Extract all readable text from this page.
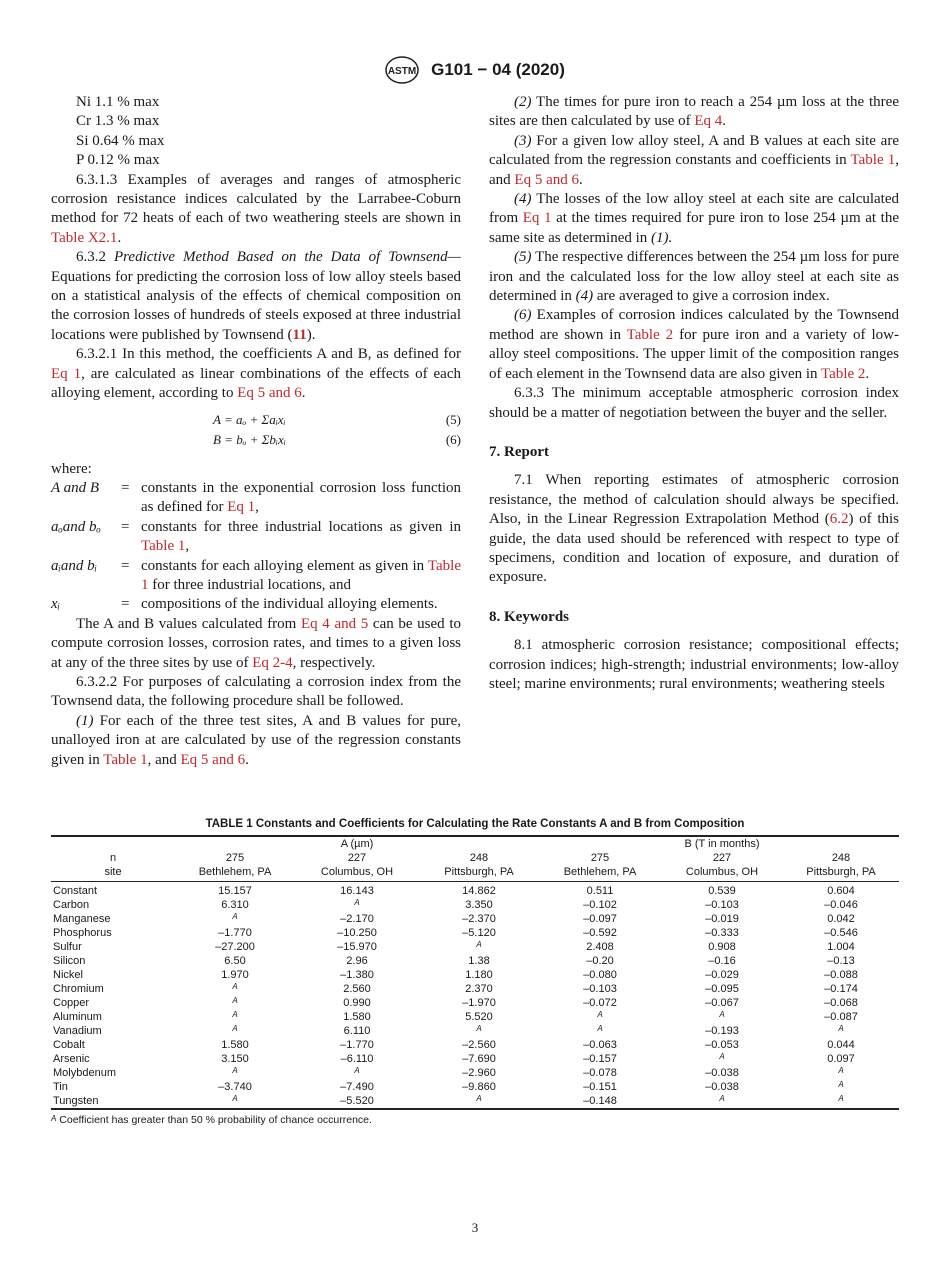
ASTM G101 − 04 (2020)
Ni 1.1 % max
Cr 1.3 % max
Si 0.64 % max
P 0.12 % max

6.3.1.3 Examples of averages and ranges of atmospheric corrosion resistance indices calculated by the Larrabee-Coburn method for 72 heats of each of two weathering steels are shown in Table X2.1.

6.3.2 Predictive Method Based on the Data of Townsend—Equations for predicting the corrosion loss of low alloy steels based on a statistical analysis of the effects of chemical composition on the corrosion losses of hundreds of steels exposed at three industrial locations were published by Townsend (11).

6.3.2.1 In this method, the coefficients A and B, as defined for Eq 1, are calculated as linear combinations of the effects of each alloying element, according to Eq 5 and 6.

A = aₒ + Σaᵢxᵢ	(5)
B = bₒ + Σbᵢxᵢ	(6)

where:

A and B	= constants in the exponential corrosion loss function as defined for Eq 1,
aₒand bₒ	= constants for three industrial locations as given in Table 1,
aᵢand bᵢ	= constants for each alloying element as given in Table 1 for three industrial locations, and
xᵢ	= compositions of the individual alloying elements.

The A and B values calculated from Eq 4 and 5 can be used to compute corrosion losses, corrosion rates, and times to a given loss at any of the three sites by use of Eq 2-4, respectively.

6.3.2.2 For purposes of calculating a corrosion index from the Townsend data, the following procedure shall be followed.

(1) For each of the three test sites, A and B values for pure, unalloyed iron at are calculated by use of the regression constants given in Table 1, and Eq 5 and 6.

(2) The times for pure iron to reach a 254 µm loss at the three sites are then calculated by use of Eq 4.

(3) For a given low alloy steel, A and B values at each site are calculated from the regression constants and coefficients in Table 1, and Eq 5 and 6.

(4) The losses of the low alloy steel at each site are calculated from Eq 1 at the times required for pure iron to lose 254 µm at the same site as determined in (1).

(5) The respective differences between the 254 µm loss for pure iron and the calculated loss for the low alloy steel at each site as determined in (4) are averaged to give a corrosion index.

(6) Examples of corrosion indices calculated by the Townsend method are shown in Table 2 for pure iron and a variety of low-alloy steel compositions. The upper limit of the composition ranges of each element in the Townsend data are also given in Table 2.

6.3.3 The minimum acceptable atmospheric corrosion index should be a matter of negotiation between the buyer and the seller.

7. Report

7.1 When reporting estimates of atmospheric corrosion resistance, the method of calculation should always be specified. Also, in the Linear Regression Extrapolation Method (6.2) of this guide, the data used should be referenced with respect to type of specimens, condition and location of exposure, and duration of exposure.

8. Keywords

8.1 atmospheric corrosion resistance; compositional effects; corrosion indices; high-strength; industrial environments; low-alloy steel; marine environments; rural environments; weathering steels

TABLE 1 Constants and Coefficients for Calculating the Rate Constants A and B from Composition
		A (µm)			B (T in months)	
n	275	227	248	275	227	248
site	Bethlehem, PA	Columbus, OH	Pittsburgh, PA	Bethlehem, PA	Columbus, OH	Pittsburgh, PA
Constant	15.157	16.143	14.862	0.511	0.539	0.604
Carbon	6.310	$^A$	3.350	–0.102	–0.103	–0.046
Manganese	$^A$	–2.170	–2.370	–0.097	–0.019	0.042
Phosphorus	–1.770	–10.250	–5.120	–0.592	–0.333	–0.546
Sulfur	–27.200	–15.970	$^A$	2.408	0.908	1.004
Silicon	6.50	2.96	1.38	–0.20	–0.16	–0.13
Nickel	1.970	–1.380	1.180	–0.080	–0.029	–0.088
Chromium	$^A$	2.560	2.370	–0.103	–0.095	–0.174
Copper	$^A$	0.990	–1.970	–0.072	–0.067	–0.068
Aluminum	$^A$	1.580	5.520	$^A$	$^A$	–0.087
Vanadium	$^A$	6.110	$^A$	$^A$	–0.193	$^A$
Cobalt	1.580	–1.770	–2.560	–0.063	–0.053	0.044
Arsenic	3.150	–6.110	–7.690	–0.157	$^A$	0.097
Molybdenum	$^A$	$^A$	–2.960	–0.078	–0.038	$^A$
Tin	–3.740	–7.490	–9.860	–0.151	–0.038	$^A$
Tungsten	$^A$	–5.520	$^A$	–0.148	$^A$	$^A$
$^A$ Coefficient has greater than 50 % probability of chance occurrence.
3
